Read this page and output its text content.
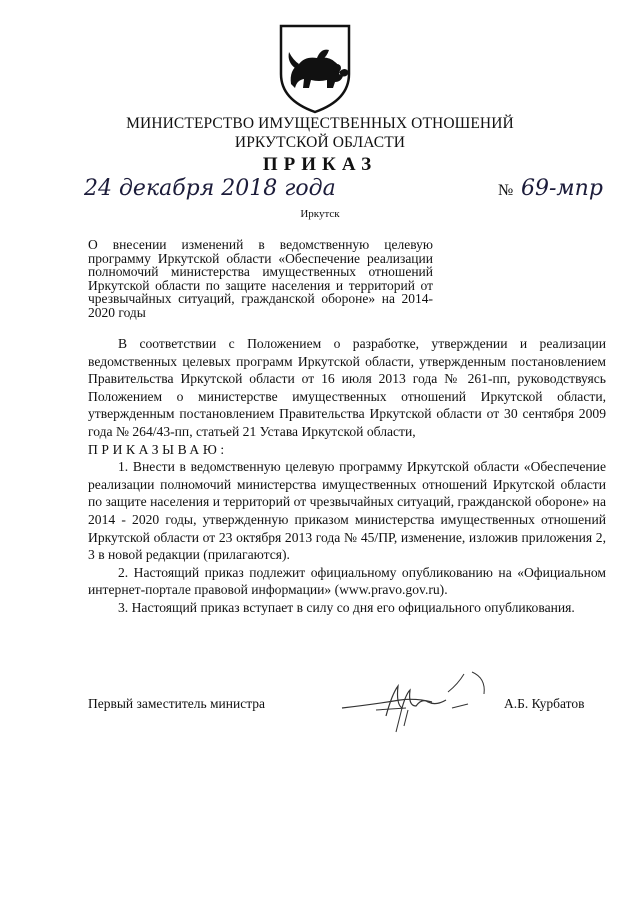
МИНИСТЕРСТВО ИМУЩЕСТВЕННЫХ ОТНОШЕНИЙ
ИРКУТСКОЙ ОБЛАСТИ
ПРИКАЗ
24 декабря 2018 года	№ 69-мпр
Иркутск
О внесении изменений в ведомственную целевую программу Иркутской области «Обеспечение реализации полномочий министерства имущественных отношений Иркутской области по защите населения и территорий от чрезвычайных ситуаций, гражданской обороне» на 2014-2020 годы

В соответствии с Положением о разработке, утверждении и реализации ведомственных целевых программ Иркутской области, утвержденным постановлением Правительства Иркутской области от 16 июля 2013 года № 261-пп, руководствуясь Положением о министерстве имущественных отношений Иркутской области, утвержденным постановлением Правительства Иркутской области от 30 сентября 2009 года № 264/43-пп, статьей 21 Устава Иркутской области,

ПРИКАЗЫВАЮ:

1. Внести в ведомственную целевую программу Иркутской области «Обеспечение реализации полномочий министерства имущественных отношений Иркутской области по защите населения и территорий от чрезвычайных ситуаций, гражданской обороне» на 2014 - 2020 годы, утвержденную приказом министерства имущественных отношений Иркутской области от 23 октября 2013 года № 45/ПР, изменение, изложив приложения 2, 3 в новой редакции (прилагаются).

2. Настоящий приказ подлежит официальному опубликованию на «Официальном интернет-портале правовой информации» (www.pravo.gov.ru).

3. Настоящий приказ вступает в силу со дня его официального опубликования.

Первый заместитель министра	А.Б. Курбатов
